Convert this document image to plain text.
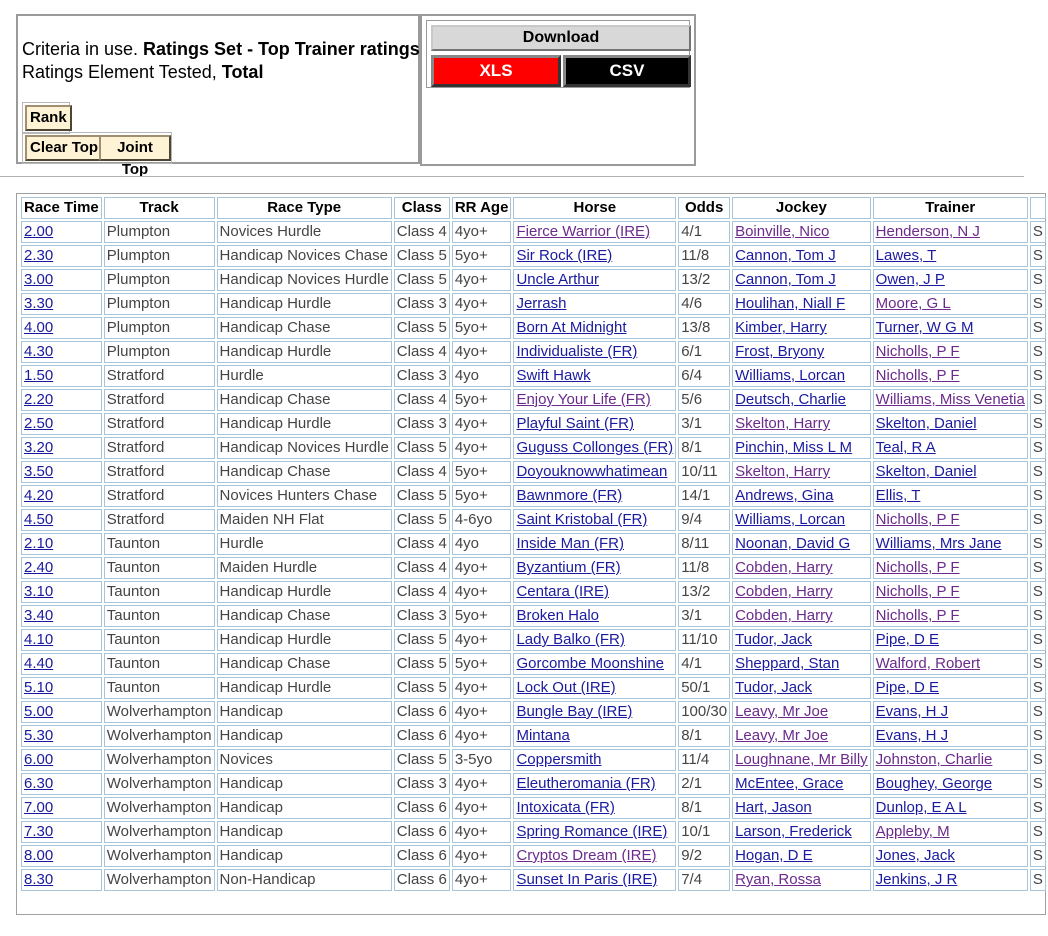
Criteria in use. Ratings Set - Top Trainer ratings
Ratings Element Tested, Total
Rank
Clear Top	Joint Top
Download
XLS	CSV
Race Time	Track	Race Type	Class	RR Age	Horse	Odds	Jockey	Trainer	
2.00	Plumpton	Novices Hurdle	Class 4	4yo+	Fierce Warrior (IRE)	4/1	Boinville, Nico	Henderson, N J	S
2.30	Plumpton	Handicap Novices Chase	Class 5	5yo+	Sir Rock (IRE)	11/8	Cannon, Tom J	Lawes, T	S
3.00	Plumpton	Handicap Novices Hurdle	Class 5	4yo+	Uncle Arthur	13/2	Cannon, Tom J	Owen, J P	S
3.30	Plumpton	Handicap Hurdle	Class 3	4yo+	Jerrash	4/6	Houlihan, Niall F	Moore, G L	S
4.00	Plumpton	Handicap Chase	Class 5	5yo+	Born At Midnight	13/8	Kimber, Harry	Turner, W G M	S
4.30	Plumpton	Handicap Hurdle	Class 4	4yo+	Individualiste (FR)	6/1	Frost, Bryony	Nicholls, P F	S
1.50	Stratford	Hurdle	Class 3	4yo	Swift Hawk	6/4	Williams, Lorcan	Nicholls, P F	S
2.20	Stratford	Handicap Chase	Class 4	5yo+	Enjoy Your Life (FR)	5/6	Deutsch, Charlie	Williams, Miss Venetia	S
2.50	Stratford	Handicap Hurdle	Class 3	4yo+	Playful Saint (FR)	3/1	Skelton, Harry	Skelton, Daniel	S
3.20	Stratford	Handicap Novices Hurdle	Class 5	4yo+	Guguss Collonges (FR)	8/1	Pinchin, Miss L M	Teal, R A	S
3.50	Stratford	Handicap Chase	Class 4	5yo+	Doyouknowwhatimean	10/11	Skelton, Harry	Skelton, Daniel	S
4.20	Stratford	Novices Hunters Chase	Class 5	5yo+	Bawnmore (FR)	14/1	Andrews, Gina	Ellis, T	S
4.50	Stratford	Maiden NH Flat	Class 5	4-6yo	Saint Kristobal (FR)	9/4	Williams, Lorcan	Nicholls, P F	S
2.10	Taunton	Hurdle	Class 4	4yo	Inside Man (FR)	8/11	Noonan, David G	Williams, Mrs Jane	S
2.40	Taunton	Maiden Hurdle	Class 4	4yo+	Byzantium (FR)	11/8	Cobden, Harry	Nicholls, P F	S
3.10	Taunton	Handicap Hurdle	Class 4	4yo+	Centara (IRE)	13/2	Cobden, Harry	Nicholls, P F	S
3.40	Taunton	Handicap Chase	Class 3	5yo+	Broken Halo	3/1	Cobden, Harry	Nicholls, P F	S
4.10	Taunton	Handicap Hurdle	Class 5	4yo+	Lady Balko (FR)	11/10	Tudor, Jack	Pipe, D E	S
4.40	Taunton	Handicap Chase	Class 5	5yo+	Gorcombe Moonshine	4/1	Sheppard, Stan	Walford, Robert	S
5.10	Taunton	Handicap Hurdle	Class 5	4yo+	Lock Out (IRE)	50/1	Tudor, Jack	Pipe, D E	S
5.00	Wolverhampton	Handicap	Class 6	4yo+	Bungle Bay (IRE)	100/30	Leavy, Mr Joe	Evans, H J	S
5.30	Wolverhampton	Handicap	Class 6	4yo+	Mintana	8/1	Leavy, Mr Joe	Evans, H J	S
6.00	Wolverhampton	Novices	Class 5	3-5yo	Coppersmith	11/4	Loughnane, Mr Billy	Johnston, Charlie	S
6.30	Wolverhampton	Handicap	Class 3	4yo+	Eleutheromania (FR)	2/1	McEntee, Grace	Boughey, George	S
7.00	Wolverhampton	Handicap	Class 6	4yo+	Intoxicata (FR)	8/1	Hart, Jason	Dunlop, E A L	S
7.30	Wolverhampton	Handicap	Class 6	4yo+	Spring Romance (IRE)	10/1	Larson, Frederick	Appleby, M	S
8.00	Wolverhampton	Handicap	Class 6	4yo+	Cryptos Dream (IRE)	9/2	Hogan, D E	Jones, Jack	S
8.30	Wolverhampton	Non-Handicap	Class 6	4yo+	Sunset In Paris (IRE)	7/4	Ryan, Rossa	Jenkins, J R	S
